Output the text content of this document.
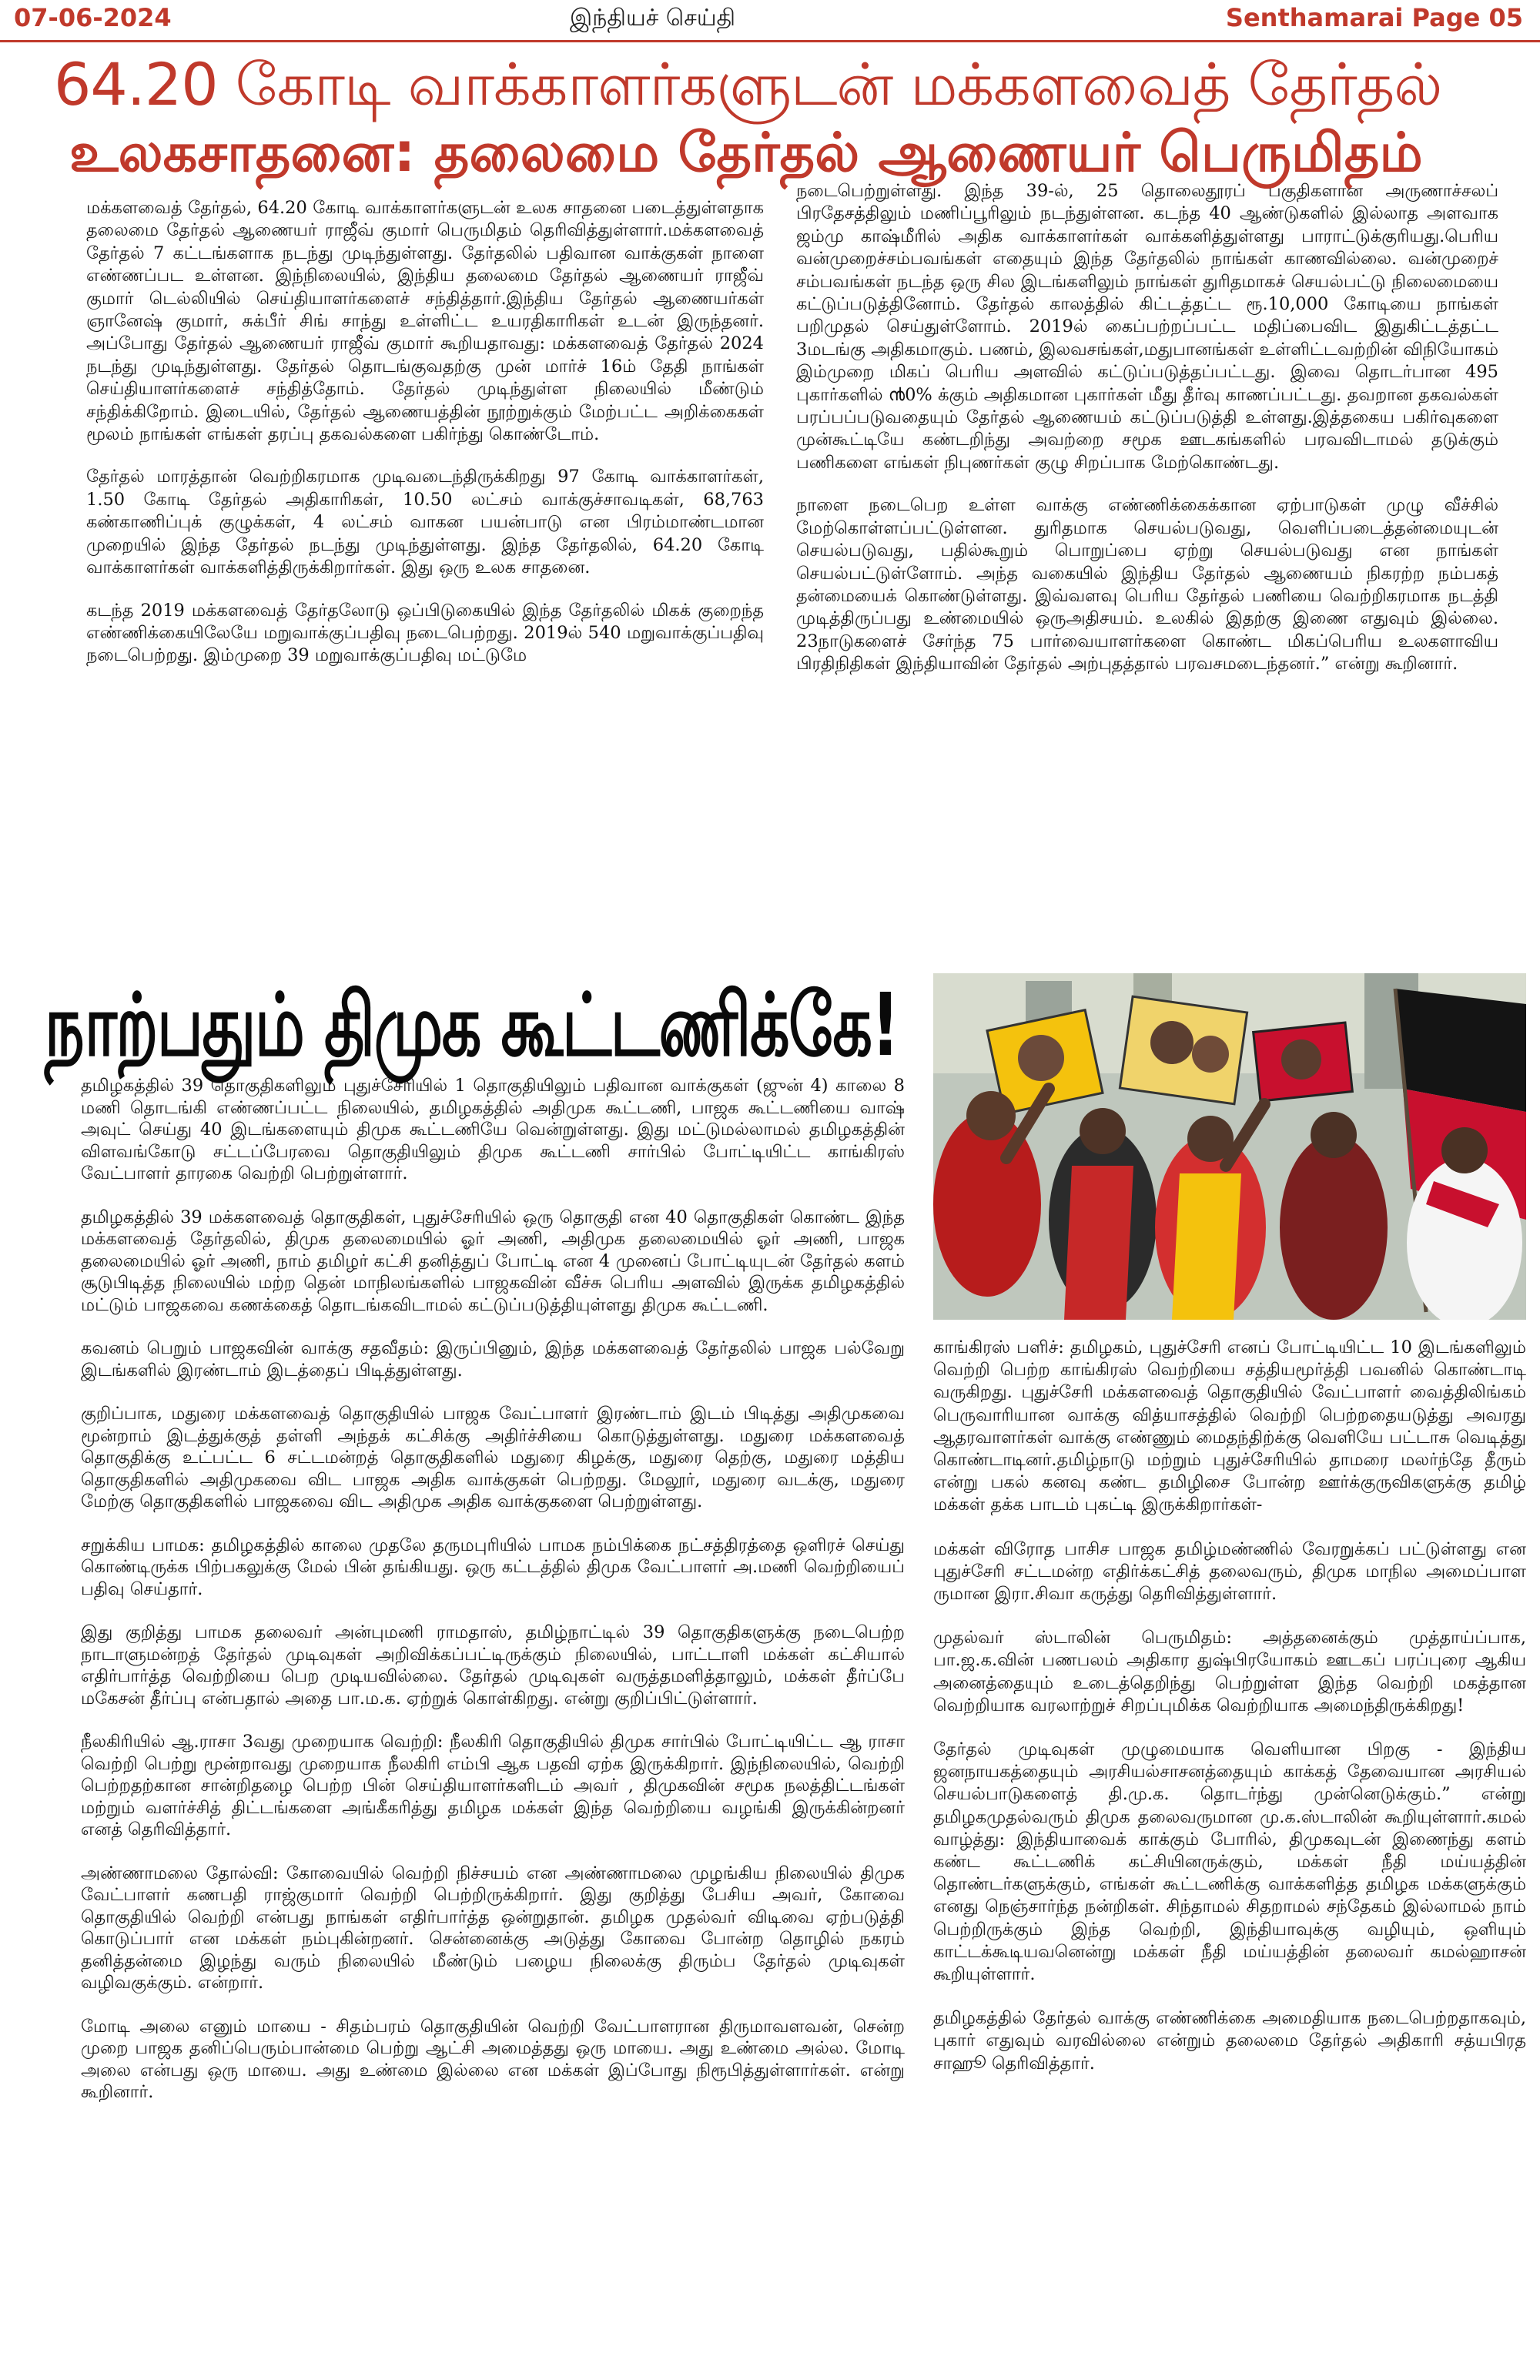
07-06-2024	இந்தியச் செய்தி	Senthamarai Page 05
64.20 கோடி வாக்காளர்களுடன் மக்களவைத் தேர்தல்
உலகசாதனை: தலைமை தேர்தல் ஆணையர் பெருமிதம்

மக்களவைத் தேர்தல், 64.20 கோடி வாக்காளர்களுடன் உலக சாதனை படைத்துள்ளதாக தலைமை தேர்தல் ஆணையர் ராஜீவ் குமார் பெருமிதம் தெரிவித்துள்ளார்.மக்களவைத் தேர்தல் 7 கட்டங்களாக நடந்து முடிந்துள்ளது. தேர்தலில் பதிவான வாக்குகள் நாளை எண்ணப்பட உள்ளன. இந்நிலையில், இந்திய தலைமை தேர்தல் ஆணையர் ராஜீவ் குமார் டெல்லியில் செய்தியாளர்களைச் சந்தித்தார்.இந்திய தேர்தல் ஆணையர்கள் ஞானேஷ் குமார், சுக்பீர் சிங் சாந்து உள்ளிட்ட உயரதிகாரிகள் உடன் இருந்தனர். அப்போது தேர்தல் ஆணையர் ராஜீவ் குமார் கூறியதாவது: மக்களவைத் தேர்தல் 2024 நடந்து முடிந்துள்ளது. தேர்தல் தொடங்குவதற்கு முன் மார்ச் 16ம் தேதி நாங்கள் செய்தியாளர்களைச் சந்தித்தோம். தேர்தல் முடிந்துள்ள நிலையில் மீண்டும் சந்திக்கிறோம். இடையில், தேர்தல் ஆணையத்தின் நூற்றுக்கும் மேற்பட்ட அறிக்கைகள் மூலம் நாங்கள் எங்கள் தரப்பு தகவல்களை பகிர்ந்து கொண்டோம்.

தேர்தல் மாரத்தான் வெற்றிகரமாக முடிவடைந்திருக்கிறது 97 கோடி வாக்காளர்கள், 1.50 கோடி தேர்தல் அதிகாரிகள், 10.50 லட்சம் வாக்குச்சாவடிகள், 68,763 கண்காணிப்புக் குழுக்கள், 4 லட்சம் வாகன பயன்பாடு என பிரம்மாண்டமான முறையில் இந்த தேர்தல் நடந்து முடிந்துள்ளது. இந்த தேர்தலில், 64.20 கோடி வாக்காளர்கள் வாக்களித்திருக்கிறார்கள். இது ஒரு உலக சாதனை.

கடந்த 2019 மக்களவைத் தேர்தலோடு ஒப்பிடுகையில் இந்த தேர்தலில் மிகக் குறைந்த எண்ணிக்கையிலேயே மறுவாக்குப்பதிவு நடைபெற்றது. 2019ல் 540 மறுவாக்குப்பதிவு நடைபெற்றது. இம்முறை 39 மறுவாக்குப்பதிவு மட்டுமே

நடைபெற்றுள்ளது. இந்த 39-ல், 25 தொலைதூரப் பகுதிகளான அருணாச்சலப் பிரதேசத்திலும் மணிப்பூரிலும் நடந்துள்ளன. கடந்த 40 ஆண்டுகளில் இல்லாத அளவாக ஜம்மு காஷ்மீரில் அதிக வாக்காளர்கள் வாக்களித்துள்ளது பாராட்டுக்குரியது.பெரிய வன்முறைச்சம்பவங்கள் எதையும் இந்த தேர்தலில் நாங்கள் காணவில்லை. வன்முறைச் சம்பவங்கள் நடந்த ஒரு சில இடங்களிலும் நாங்கள் துரிதமாகச் செயல்பட்டு நிலைமையை கட்டுப்படுத்தினோம். தேர்தல் காலத்தில் கிட்டத்தட்ட ரூ.10,000 கோடியை நாங்கள் பறிமுதல் செய்துள்ளோம். 2019ல் கைப்பற்றப்பட்ட மதிப்பைவிட இதுகிட்டத்தட்ட 3மடங்கு அதிகமாகும். பணம், இலவசங்கள்,மதுபானங்கள் உள்ளிட்டவற்றின் விநியோகம் இம்முறை மிகப் பெரிய அளவில் கட்டுப்படுத்தப்பட்டது. இவை தொடர்பான 495 புகார்களில் ൯0% க்கும் அதிகமான புகார்கள் மீது தீர்வு காணப்பட்டது. தவறான தகவல்கள் பரப்பப்படுவதையும் தேர்தல் ஆணையம் கட்டுப்படுத்தி உள்ளது.இத்தகைய பகிர்வுகளை முன்கூட்டியே கண்டறிந்து அவற்றை சமூக ஊடகங்களில் பரவவிடாமல் தடுக்கும் பணிகளை எங்கள் நிபுணர்கள் குழு சிறப்பாக மேற்கொண்டது.

நாளை நடைபெற உள்ள வாக்கு எண்ணிக்கைக்கான ஏற்பாடுகள் முழு வீச்சில் மேற்கொள்ளப்பட்டுள்ளன. துரிதமாக செயல்படுவது, வெளிப்படைத்தன்மையுடன் செயல்படுவது, பதில்கூறும் பொறுப்பை ஏற்று செயல்படுவது என நாங்கள் செயல்பட்டுள்ளோம். அந்த வகையில் இந்திய தேர்தல் ஆணையம் நிகரற்ற நம்பகத் தன்மையைக் கொண்டுள்ளது. இவ்வளவு பெரிய தேர்தல் பணியை வெற்றிகரமாக நடத்தி முடித்திருப்பது உண்மையில் ஒருஅதிசயம். உலகில் இதற்கு இணை எதுவும் இல்லை. 23நாடுகளைச் சேர்ந்த 75 பார்வையாளர்களை கொண்ட மிகப்பெரிய உலகளாவிய பிரதிநிதிகள் இந்தியாவின் தேர்தல் அற்புதத்தால் பரவசமடைந்தனர்.” என்று கூறினார்.

நாற்பதும் திமுக கூட்டணிக்கே!

தமிழகத்தில் 39 தொகுதிகளிலும் புதுச்சேரியில் 1 தொகுதியிலும் பதிவான வாக்குகள் (ஜுன் 4) காலை 8 மணி தொடங்கி எண்ணப்பட்ட நிலையில், தமிழகத்தில் அதிமுக கூட்டணி, பாஜக கூட்டணியை வாஷ் அவுட் செய்து 40 இடங்களையும் திமுக கூட்டணியே வென்றுள்ளது. இது மட்டுமல்லாமல் தமிழகத்தின் விளவங்கோடு சட்டப்பேரவை தொகுதியிலும் திமுக கூட்டணி சார்பில் போட்டியிட்ட காங்கிரஸ் வேட்பாளர் தாரகை வெற்றி பெற்றுள்ளார்.

தமிழகத்தில் 39 மக்களவைத் தொகுதிகள், புதுச்சேரியில் ஒரு தொகுதி என 40 தொகுதிகள் கொண்ட இந்த மக்களவைத் தேர்தலில், திமுக தலைமையில் ஓர் அணி, அதிமுக தலைமையில் ஓர் அணி, பாஜக தலைமையில் ஓர் அணி, நாம் தமிழர் கட்சி தனித்துப் போட்டி என 4 முனைப் போட்டியுடன் தேர்தல் களம் சூடுபிடித்த நிலையில் மற்ற தென் மாநிலங்களில் பாஜகவின் வீச்சு பெரிய அளவில் இருக்க தமிழகத்தில் மட்டும் பாஜகவை கணக்கைத் தொடங்கவிடாமல் கட்டுப்படுத்தியுள்ளது திமுக கூட்டணி.

கவனம் பெறும் பாஜகவின் வாக்கு சதவீதம்: இருப்பினும், இந்த மக்களவைத் தேர்தலில் பாஜக பல்வேறு இடங்களில் இரண்டாம் இடத்தைப் பிடித்துள்ளது.

குறிப்பாக, மதுரை மக்களவைத் தொகுதியில் பாஜக வேட்பாளர் இரண்டாம் இடம் பிடித்து அதிமுகவை மூன்றாம் இடத்துக்குத் தள்ளி அந்தக் கட்சிக்கு அதிர்ச்சியை கொடுத்துள்ளது. மதுரை மக்களவைத் தொகுதிக்கு உட்பட்ட 6 சட்டமன்றத் தொகுதிகளில் மதுரை கிழக்கு, மதுரை தெற்கு, மதுரை மத்திய தொகுதிகளில் அதிமுகவை விட பாஜக அதிக வாக்குகள் பெற்றது. மேலூர், மதுரை வடக்கு, மதுரை மேற்கு தொகுதிகளில் பாஜகவை விட அதிமுக அதிக வாக்குகளை பெற்றுள்ளது.

சறுக்கிய பாமக: தமிழகத்தில் காலை முதலே தருமபுரியில் பாமக நம்பிக்கை நட்சத்திரத்தை ஒளிரச் செய்து கொண்டிருக்க பிற்பகலுக்கு மேல் பின் தங்கியது. ஒரு கட்டத்தில் திமுக வேட்பாளர் அ.மணி வெற்றியைப் பதிவு செய்தார்.

இது குறித்து பாமக தலைவர் அன்புமணி ராமதாஸ், தமிழ்நாட்டில் 39 தொகுதிகளுக்கு நடைபெற்ற நாடாளுமன்றத் தேர்தல் முடிவுகள் அறிவிக்கப்பட்டிருக்கும் நிலையில், பாட்டாளி மக்கள் கட்சியால் எதிர்பார்த்த வெற்றியை பெற முடியவில்லை. தேர்தல் முடிவுகள் வருத்தமளித்தாலும், மக்கள் தீர்ப்பே மகேசன் தீர்ப்பு என்பதால் அதை பா.ம.க. ஏற்றுக் கொள்கிறது. என்று குறிப்பிட்டுள்ளார்.

நீலகிரியில் ஆ.ராசா 3வது முறையாக வெற்றி: நீலகிரி தொகுதியில் திமுக சார்பில் போட்டியிட்ட ஆ ராசா வெற்றி பெற்று மூன்றாவது முறையாக நீலகிரி எம்பி ஆக பதவி ஏற்க இருக்கிறார். இந்நிலையில், வெற்றி பெற்றதற்கான சான்றிதழை பெற்ற பின் செய்தியாளர்களிடம் அவர் , திமுகவின் சமூக நலத்திட்டங்கள் மற்றும் வளர்ச்சித் திட்டங்களை அங்கீகரித்து தமிழக மக்கள் இந்த வெற்றியை வழங்கி இருக்கின்றனர் எனத் தெரிவித்தார்.

அண்ணாமலை தோல்வி: கோவையில் வெற்றி நிச்சயம் என அண்ணாமலை முழங்கிய நிலையில் திமுக வேட்பாளர் கணபதி ராஜ்குமார் வெற்றி பெற்றிருக்கிறார். இது குறித்து பேசிய அவர், கோவை தொகுதியில் வெற்றி என்பது நாங்கள் எதிர்பார்த்த ஒன்றுதான். தமிழக முதல்வர் விடிவை ஏற்படுத்தி கொடுப்பார் என மக்கள் நம்புகின்றனர். சென்னைக்கு அடுத்து கோவை போன்ற தொழில் நகரம் தனித்தன்மை இழந்து வரும் நிலையில் மீண்டும் பழைய நிலைக்கு திரும்ப தேர்தல் முடிவுகள் வழிவகுக்கும். என்றார்.

மோடி அலை எனும் மாயை - சிதம்பரம் தொகுதியின் வெற்றி வேட்பாளரான திருமாவளவன், சென்ற முறை பாஜக தனிப்பெரும்பான்மை பெற்று ஆட்சி அமைத்தது ஒரு மாயை. அது உண்மை அல்ல. மோடி அலை என்பது ஒரு மாயை. அது உண்மை இல்லை என மக்கள் இப்போது நிரூபித்துள்ளார்கள். என்று கூறினார்.

காங்கிரஸ் பளிச்: தமிழகம், புதுச்சேரி எனப் போட்டியிட்ட 10 இடங்களிலும் வெற்றி பெற்ற காங்கிரஸ் வெற்றியை சத்தியமூர்த்தி பவனில் கொண்டாடி வருகிறது. புதுச்சேரி மக்களவைத் தொகுதியில் வேட்பாளர் வைத்திலிங்கம் பெருவாரியான வாக்கு வித்யாசத்தில் வெற்றி பெற்றதையடுத்து அவரது ஆதரவாளர்கள் வாக்கு எண்ணும் மைதந்திற்க்கு வெளியே பட்டாசு வெடித்து கொண்டாடினர்.தமிழ்நாடு மற்றும் புதுச்சேரியில் தாமரை மலர்ந்தே தீரும் என்று பகல் கனவு கண்ட தமிழிசை போன்ற ஊர்க்குருவிகளுக்கு தமிழ் மக்கள் தக்க பாடம் புகட்டி இருக்கிறார்கள்-

மக்கள் விரோத பாசிச பாஜக தமிழ்மண்ணில் வேரறுக்கப் பட்டுள்ளது என புதுச்சேரி சட்டமன்ற எதிர்க்கட்சித் தலைவரும், திமுக மாநில அமைப்பாள ருமான இரா.சிவா கருத்து தெரிவித்துள்ளார்.

முதல்வர் ஸ்டாலின் பெருமிதம்: அத்தனைக்கும் முத்தாய்ப்பாக, பா.ஜ.க.வின் பணபலம் அதிகார துஷ்பிரயோகம் ஊடகப் பரப்புரை ஆகிய அனைத்தையும் உடைத்தெறிந்து பெற்றுள்ள இந்த வெற்றி மகத்தான வெற்றியாக வரலாற்றுச் சிறப்புமிக்க வெற்றியாக அமைந்திருக்கிறது!

தேர்தல் முடிவுகள் முழுமையாக வெளியான பிறகு - இந்திய ஜனநாயகத்தையும் அரசியல்சாசனத்தையும் காக்கத் தேவையான அரசியல் செயல்பாடுகளைத் தி.மு.க. தொடர்ந்து முன்னெடுக்கும்.” என்று தமிழகமுதல்வரும் திமுக தலைவருமான மு.க.ஸ்டாலின் கூறியுள்ளார்.கமல் வாழ்த்து: இந்தியாவைக் காக்கும் போரில், திமுகவுடன் இணைந்து களம் கண்ட கூட்டணிக் கட்சியினருக்கும், மக்கள் நீதி மய்யத்தின் தொண்டர்களுக்கும், எங்கள் கூட்டணிக்கு வாக்களித்த தமிழக மக்களுக்கும் எனது நெஞ்சார்ந்த நன்றிகள். சிந்தாமல் சிதறாமல் சந்தேகம் இல்லாமல் நாம் பெற்றிருக்கும் இந்த வெற்றி, இந்தியாவுக்கு வழியும், ஒளியும் காட்டக்கூடியவனென்று மக்கள் நீதி மய்யத்தின் தலைவர் கமல்ஹாசன் கூறியுள்ளார்.

தமிழகத்தில் தேர்தல் வாக்கு எண்ணிக்கை அமைதியாக நடைபெற்றதாகவும், புகார் எதுவும் வரவில்லை என்றும் தலைமை தேர்தல் அதிகாரி சத்யபிரத சாஹூ தெரிவித்தார்.
